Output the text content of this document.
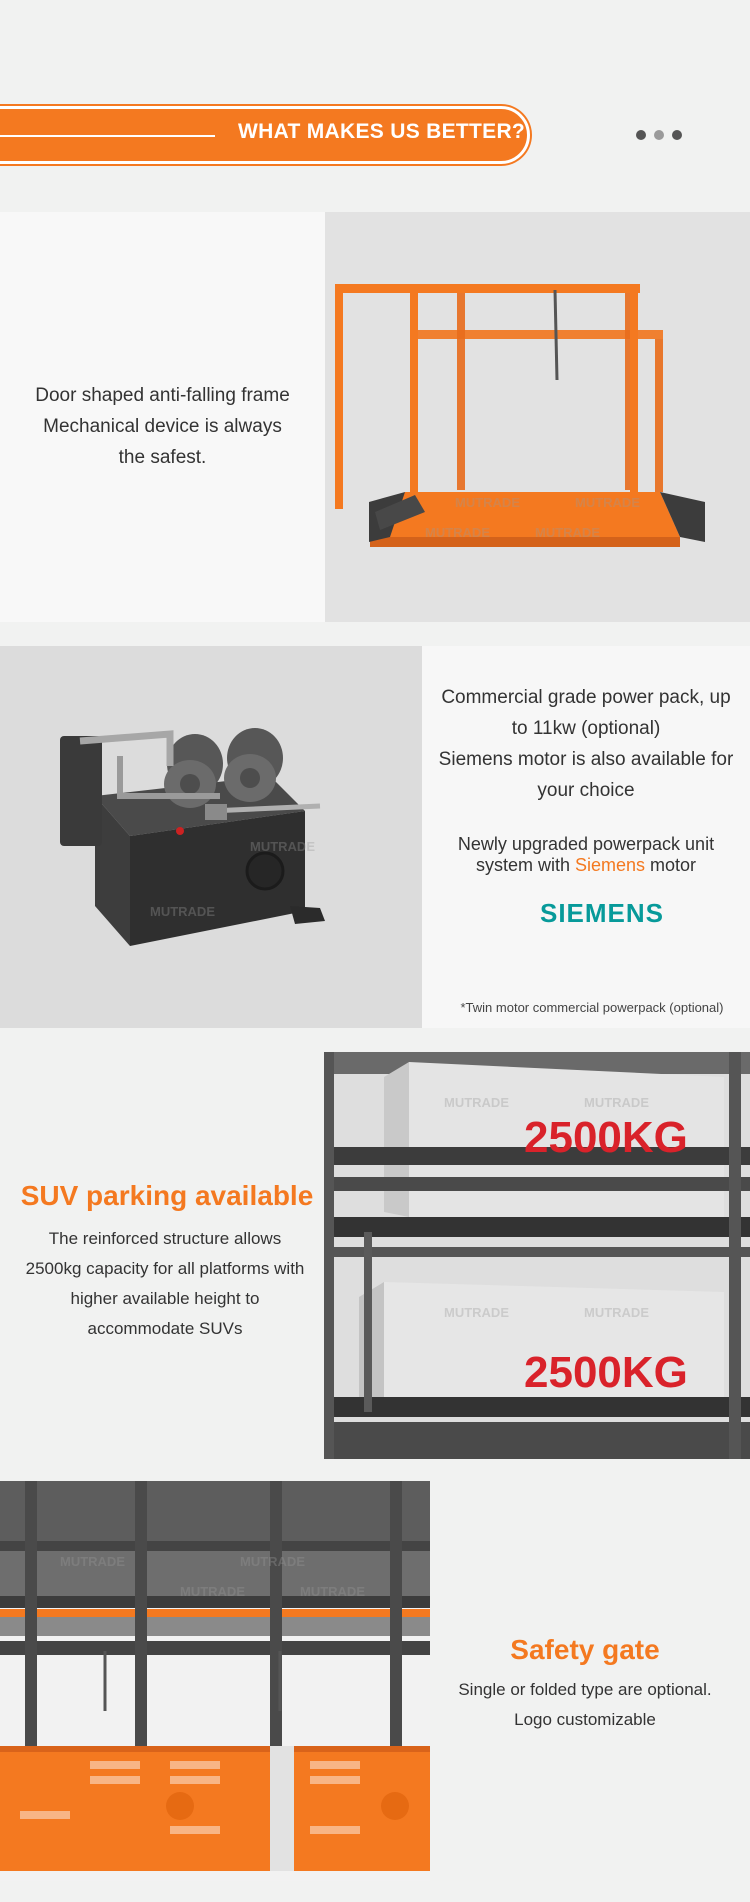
WHAT MAKES US BETTER?
Door shaped anti-falling frame
Mechanical device is always
the safest.
MUTRADE	MUTRADE
MUTRADE	MUTRADE
MUTRADE
MUTRADE
Commercial grade power pack, up
to 11kw (optional)
Siemens motor is also available for
your choice
Newly upgraded powerpack unit
system with Siemens motor
SIEMENS
*Twin motor commercial powerpack (optional)
SUV parking available
The reinforced structure allows
2500kg capacity for all platforms with
higher available height to
accommodate SUVs
2500KG
2500KG
MUTRADE	MUTRADE
MUTRADE	MUTRADE
MUTRADE	MUTRADE
MUTRADE	MUTRADE
Safety gate
Single or folded type are optional.
Logo customizable
